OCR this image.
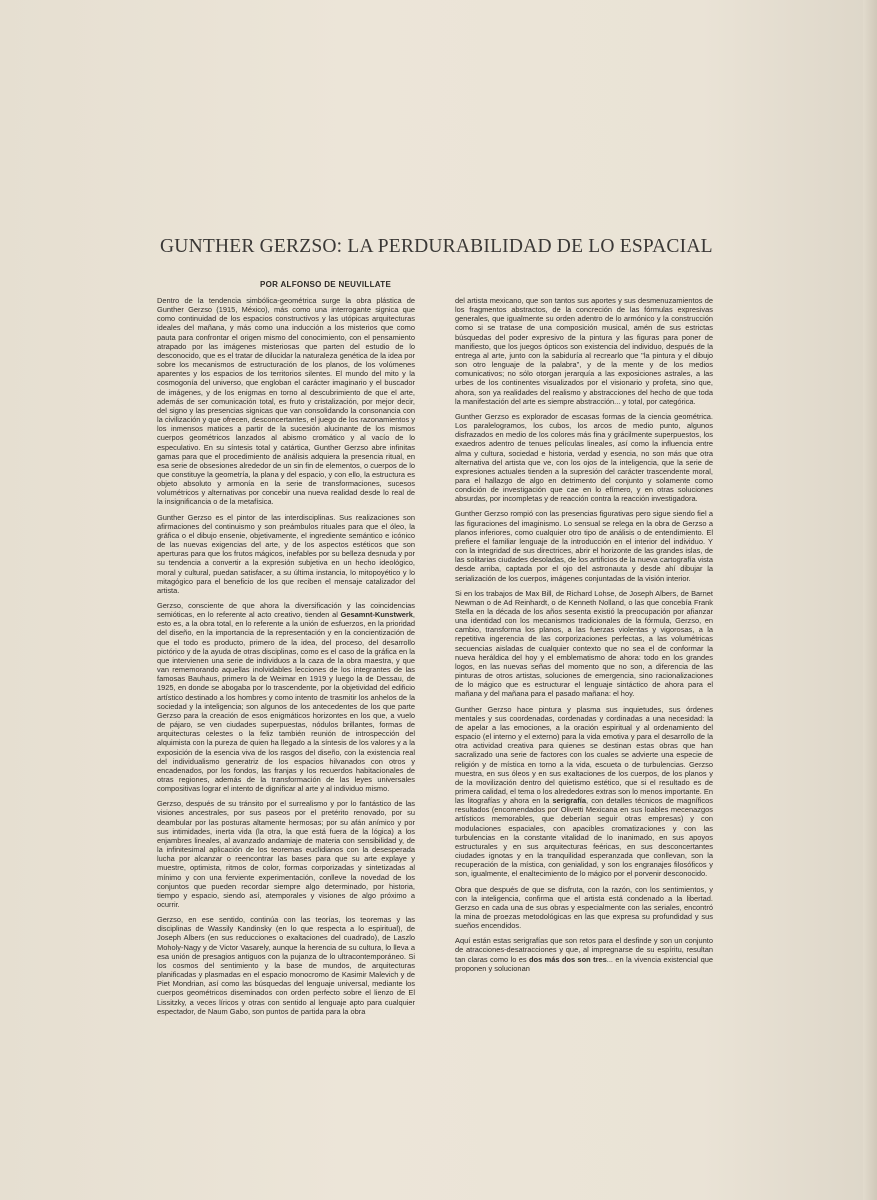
GUNTHER GERZSO: LA PERDURABILIDAD DE LO ESPACIAL
POR ALFONSO DE NEUVILLATE

Dentro de la tendencia simbólica-geométrica surge la obra plástica de Gunther Gerzso (1915, México), más como una interrogante signica que como continuidad de los espacios constructivos y las utópicas arquitecturas ideales del mañana, y más como una inducción a los misterios que como pauta para confrontar el origen mismo del conocimiento, con el pensamiento atrapado por las imágenes misteriosas que parten del estudio de lo desconocido, que es el tratar de dilucidar la naturaleza genética de la idea por sobre los mecanismos de estructuración de los planos, de los volúmenes aparentes y los espacios de los territorios silentes. El mundo del mito y la cosmogonía del universo, que engloban el carácter imaginario y el buscador de imágenes, y de los enigmas en torno al descubrimiento de que el arte, además de ser comunicación total, es fruto y cristalización, por mejor decir, del signo y las presencias signicas que van consolidando la consonancia con la civilización y que ofrecen, desconcertantes, el juego de los razonamientos y los inmensos matices a partir de la sucesión alucinante de los mismos cuerpos geométricos lanzados al abismo cromático y al vacío de lo especulativo. En su síntesis total y catártica, Gunther Gerzso abre infinitas gamas para que el procedimiento de análisis adquiera la presencia ritual, en esa serie de obsesiones alrededor de un sin fin de elementos, o cuerpos de lo que constituye la geometría, la plana y del espacio, y con ello, la estructura es objeto absoluto y armonía en la serie de transformaciones, sucesos volumétricos y alternativas por concebir una nueva realidad desde lo real de la insignificancia o de la metafísica.

Gunther Gerzso es el pintor de las interdisciplinas. Sus realizaciones son afirmaciones del continuismo y son preámbulos rituales para que el óleo, la gráfica o el dibujo ensenie, objetivamente, el ingrediente semántico e icónico de las nuevas exigencias del arte, y de los aspectos estéticos que son aperturas para que los frutos mágicos, inefables por su belleza desnuda y por su tendencia a convertir a la expresión subjetiva en un hecho ideológico, moral y cultural, puedan satisfacer, a su última instancia, lo mitopoyético y lo mitagógico para el beneficio de los que reciben el mensaje catalizador del artista.

Gerzso, consciente de que ahora la diversificación y las coincidencias semióticas, en lo referente al acto creativo, tienden al Gesamnt-Kunstwerk, esto es, a la obra total, en lo referente a la unión de esfuerzos, en la prioridad del diseño, en la importancia de la representación y en la concientización de que el todo es producto, primero de la idea, del proceso, del desarrollo pictórico y de la ayuda de otras disciplinas, como es el caso de la gráfica en la que intervienen una serie de individuos a la caza de la obra maestra, y que van rememorando aquellas inolvidables lecciones de los integrantes de las famosas Bauhaus, primero la de Weimar en 1919 y luego la de Dessau, de 1925, en donde se abogaba por lo trascendente, por la objetividad del edificio artístico destinado a los hombres y como intento de trasmitir los anhelos de la sociedad y la inteligencia; son algunos de los antecedentes de los que parte Gerzso para la creación de esos enigmáticos horizontes en los que, a vuelo de pájaro, se ven ciudades superpuestas, nódulos brillantes, formas de arquitecturas celestes o la feliz también reunión de introspección del alquimista con la pureza de quien ha llegado a la síntesis de los valores y a la exposición de la esencia viva de los rasgos del diseño, con la existencia real del individualismo generatriz de los espacios hilvanados con otros y encadenados, por los fondos, las franjas y los recuerdos habitacionales de otras regiones, además de la transformación de las leyes universales compositivas lograr el intento de dignificar al arte y al individuo mismo.

Gerzso, después de su tránsito por el surrealismo y por lo fantástico de las visiones ancestrales, por sus paseos por el pretérito renovado, por su deambular por las posturas altamente hermosas; por su afán anímico y por sus intimidades, inerta vida (la otra, la que está fuera de la lógica) a los enjambres lineales, al avanzado andamiaje de materia con sensibilidad y, de la infinitesimal aplicación de los teoremas euclidianos con la desesperada lucha por alcanzar o reencontrar las bases para que su arte explaye y muestre, optimista, ritmos de color, formas corporizadas y sintetizadas al mínimo y con una ferviente experimentación, conlleve la novedad de los conjuntos que pueden recordar siempre algo determinado, por historia, tiempo y espacio, siendo así, atemporales y visiones de algo próximo a ocurrir.

Gerzso, en ese sentido, continúa con las teorías, los teoremas y las disciplinas de Wassily Kandinsky (en lo que respecta a lo espiritual), de Joseph Albers (en sus reducciones o exaltaciones del cuadrado), de Laszlo Moholy-Nagy y de Victor Vasarely, aunque la herencia de su cultura, lo lleva a esa unión de presagios antiguos con la pujanza de lo ultracontemporáneo. Si los cosmos del sentimiento y la base de mundos, de arquitecturas planificadas y plasmadas en el espacio monocromo de Kasimir Malevich y de Piet Mondrian, así como las búsquedas del lenguaje universal, mediante los cuerpos geométricos diseminados con orden perfecto sobre el lienzo de El Lissitzky, a veces líricos y otras con sentido al lenguaje apto para cualquier espectador, de Naum Gabo, son puntos de partida para la obra

del artista mexicano, que son tantos sus aportes y sus desmenuzamientos de los fragmentos abstractos, de la concreción de las fórmulas expresivas generales, que igualmente su orden adentro de lo armónico y la construcción como si se tratase de una composición musical, amén de sus estrictas búsquedas del poder expresivo de la pintura y las figuras para poner de manifiesto, que los juegos ópticos son existencia del individuo, después de la entrega al arte, junto con la sabiduría al recrearlo que "la pintura y el dibujo son otro lenguaje de la palabra", y de la mente y de los medios comunicativos; no sólo otorgan jerarquía a las exposiciones astrales, a las urbes de los continentes visualizados por el visionario y profeta, sino que, ahora, son ya realidades del realismo y abstracciones del hecho de que toda la manifestación del arte es siempre abstracción... y total, por categórica.

Gunther Gerzso es explorador de escasas formas de la ciencia geométrica. Los paralelogramos, los cubos, los arcos de medio punto, algunos disfrazados en medio de los colores más fina y grácilmente superpuestos, los exaedros adentro de tenues películas lineales, así como la influencia entre alma y cultura, sociedad e historia, verdad y esencia, no son más que otra alternativa del artista que ve, con los ojos de la inteligencia, que la serie de expresiones actuales tienden a la supresión del carácter trascendente moral, para el hallazgo de algo en detrimento del conjunto y solamente como condición de investigación que cae en lo efímero, y en otras soluciones absurdas, por incompletas y de reacción contra la reacción investigadora.

Gunther Gerzso rompió con las presencias figurativas pero sigue siendo fiel a las figuraciones del imaginismo. Lo sensual se relega en la obra de Gerzso a planos inferiores, como cualquier otro tipo de análisis o de entendimiento. El prefiere el familiar lenguaje de la introducción en el interior del individuo. Y con la integridad de sus directrices, abrir el horizonte de las grandes islas, de las solitarias ciudades desoladas, de los artificios de la nueva cartografía vista desde arriba, captada por el ojo del astronauta y desde ahí dibujar la serialización de los cuerpos, imágenes conjuntadas de la visión interior.

Si en los trabajos de Max Bill, de Richard Lohse, de Joseph Albers, de Barnet Newman o de Ad Reinhardt, o de Kenneth Nolland, o las que concebía Frank Stella en la década de los años sesenta existió la preocupación por afianzar una identidad con los mecanismos tradicionales de la fórmula, Gerzso, en cambio, transforma los planos, a las fuerzas violentas y vigorosas, a la repetitiva ingerencia de las corporizaciones perfectas, a las volumétricas secuencias aisladas de cualquier contexto que no sea el de conformar la nueva heráldica del hoy y el emblematismo de ahora: todo en los grandes logos, en las nuevas señas del momento que no son, a diferencia de las pinturas de otros artistas, soluciones de emergencia, sino racionalizaciones de lo mágico que es estructurar el lenguaje sintáctico de ahora para el mañana y del mañana para el pasado mañana: el hoy.

Gunther Gerzso hace pintura y plasma sus inquietudes, sus órdenes mentales y sus coordenadas, cordenadas y cordinadas a una necesidad: la de apelar a las emociones, a la oración espiritual y al ordenamiento del espacio (el interno y el externo) para la vida emotiva y para el desarrollo de la otra actividad creativa para quienes se destinan estas obras que han sacralizado una serie de factores con los cuales se advierte una especie de religión y de mística en torno a la vida, escueta o de turbulencias. Gerzso muestra, en sus óleos y en sus exaltaciones de los cuerpos, de los planos y de la movilización dentro del quietismo estético, que si el resultado es de primera calidad, el tema o los alrededores extras son lo menos importante. En las litografías y ahora en la serigrafía, con detalles técnicos de magníficos resultados (encomendados por Olivetti Mexicana en sus loables mecenazgos artísticos memorables, que deberían seguir otras empresas) y con modulaciones espaciales, con apacibles cromatizaciones y con las turbulencias en la constante vitalidad de lo inanimado, en sus apoyos estructurales y en sus arquitecturas feéricas, en sus desconcertantes ciudades ignotas y en la tranquilidad esperanzada que conllevan, son la recuperación de la mística, con genialidad, y son los engranajes filosóficos y son, igualmente, el enaltecimiento de lo mágico por el porvenir desconocido.

Obra que después de que se disfruta, con la razón, con los sentimientos, y con la inteligencia, confirma que el artista está condenado a la libertad. Gerzso en cada una de sus obras y especialmente con las seriales, encontró la mina de proezas metodológicas en las que expresa su profundidad y sus sueños encendidos.

Aquí están estas serigrafías que son retos para el desfinde y son un conjunto de atracciones-desatracciones y que, al impregnarse de su espíritu, resultan tan claras como lo es dos más dos son tres... en la vivencia existencial que proponen y solucionan
